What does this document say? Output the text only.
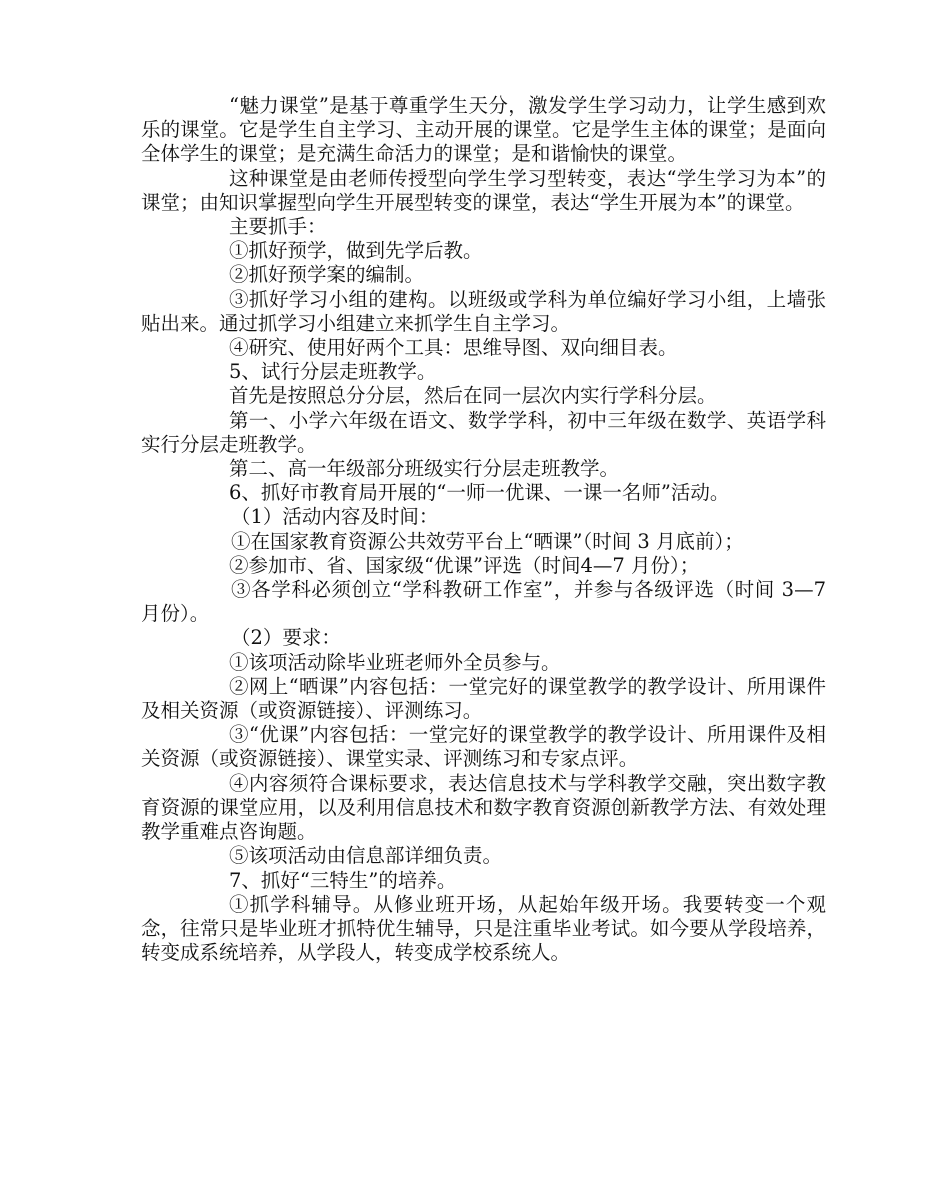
“魅力课堂”是基于尊重学生天分，激发学生学习动力，让学生感到欢乐的课堂。它是学生自主学习、主动开展的课堂。它是学生主体的课堂；是面向全体学生的课堂；是充满生命活力的课堂；是和谐愉快的课堂。

这种课堂是由老师传授型向学生学习型转变，表达“学生学习为本”的课堂；由知识掌握型向学生开展型转变的课堂，表达“学生开展为本”的课堂。

主要抓手：

①抓好预学，做到先学后教。

②抓好预学案的编制。

③抓好学习小组的建构。以班级或学科为单位编好学习小组，上墙张贴出来。通过抓学习小组建立来抓学生自主学习。

④研究、使用好两个工具：思维导图、双向细目表。

5、试行分层走班教学。

首先是按照总分分层，然后在同一层次内实行学科分层。

第一、小学六年级在语文、数学学科，初中三年级在数学、英语学科实行分层走班教学。

第二、高一年级部分班级实行分层走班教学。

6、抓好市教育局开展的“一师一优课、一课一名师”活动。

（1）活动内容及时间：

①在国家教育资源公共效劳平台上“晒课”（时间 3 月底前）；

②参加市、省、国家级“优课”评选（时间4—7 月份）；

③各学科必须创立“学科教研工作室”，并参与各级评选（时间 3—7 月份）。

（2）要求：

①该项活动除毕业班老师外全员参与。

②网上“晒课”内容包括：一堂完好的课堂教学的教学设计、所用课件及相关资源（或资源链接）、评测练习。

③“优课”内容包括：一堂完好的课堂教学的教学设计、所用课件及相关资源（或资源链接）、课堂实录、评测练习和专家点评。

④内容须符合课标要求，表达信息技术与学科教学交融，突出数字教育资源的课堂应用，以及利用信息技术和数字教育资源创新教学方法、有效处理教学重难点咨询题。

⑤该项活动由信息部详细负责。

7、抓好“三特生”的培养。

①抓学科辅导。从修业班开场，从起始年级开场。我要转变一个观念，往常只是毕业班才抓特优生辅导，只是注重毕业考试。如今要从学段培养，转变成系统培养，从学段人，转变成学校系统人。
